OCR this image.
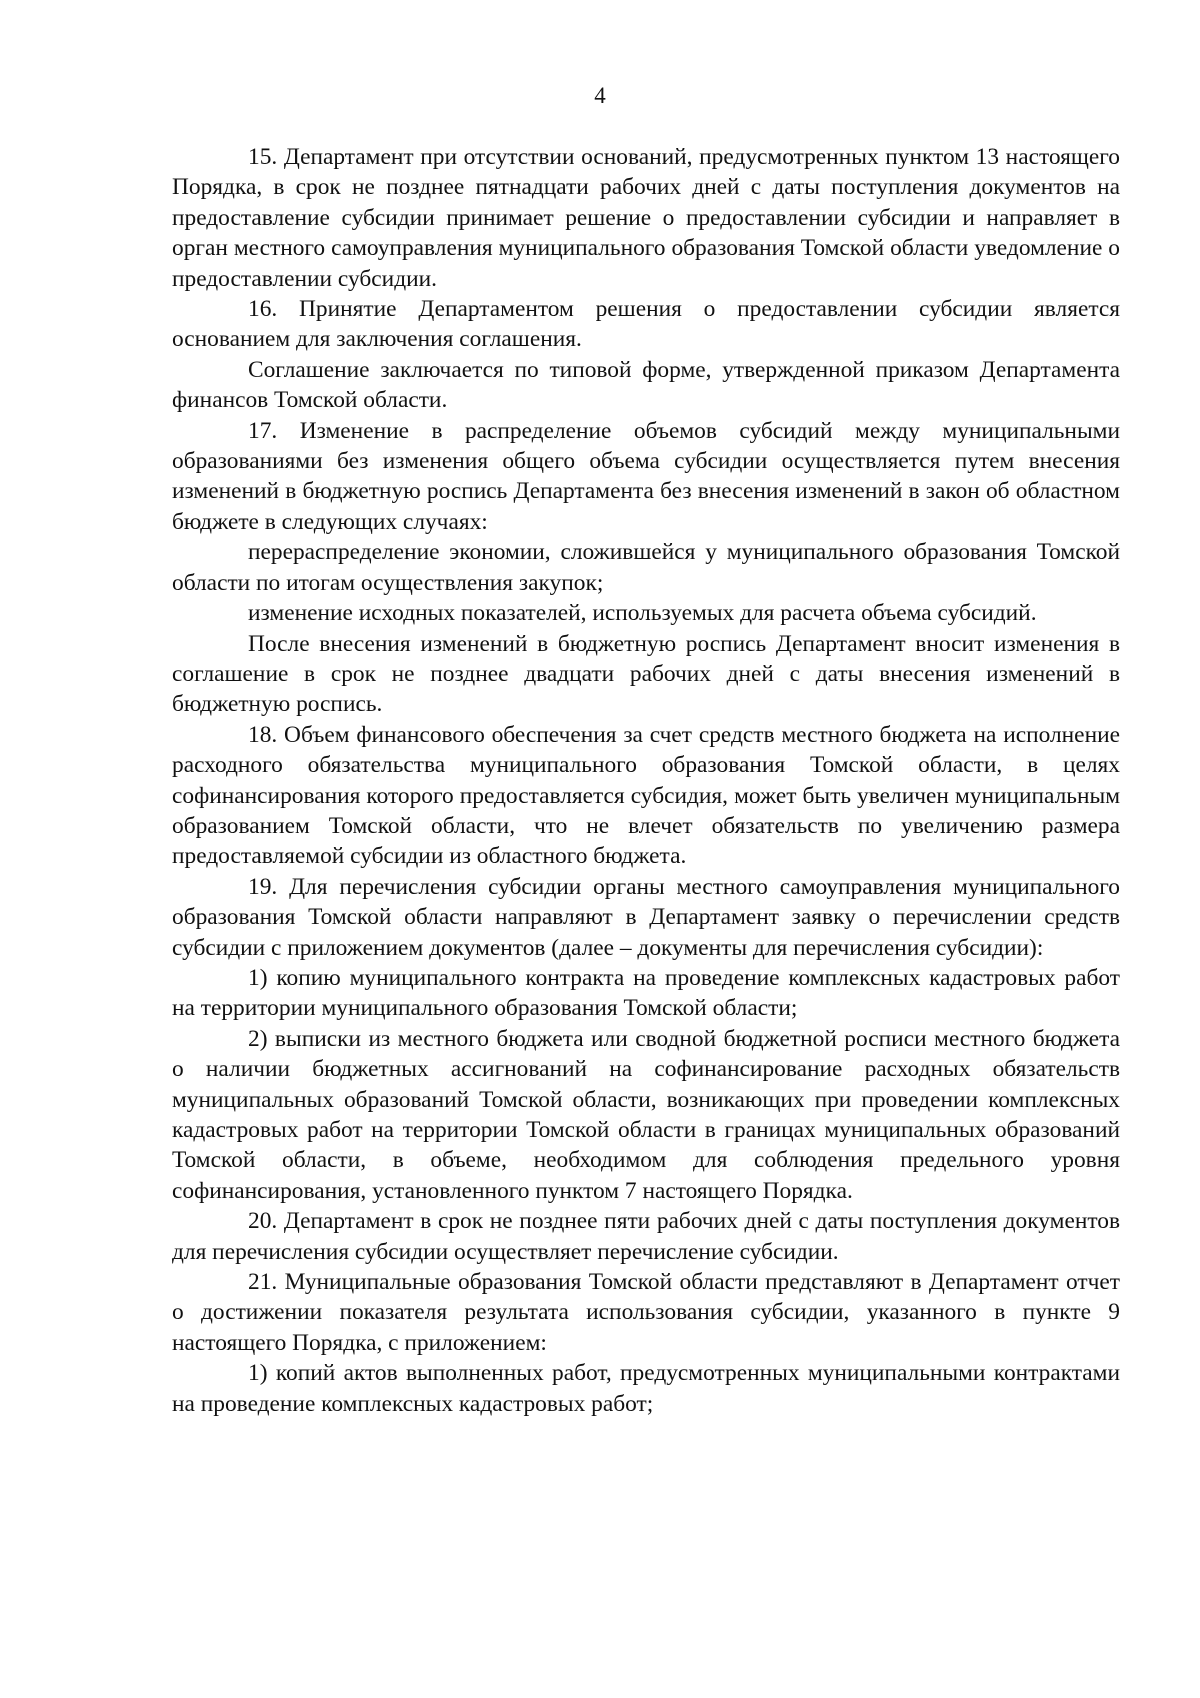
4

15. Департамент при отсутствии оснований, предусмотренных пунктом 13 настоящего Порядка, в срок не позднее пятнадцати рабочих дней с даты поступления документов на предоставление субсидии принимает решение о предоставлении субсидии и направляет в орган местного самоуправления муниципального образования Томской области уведомление о предоставлении субсидии.

16. Принятие Департаментом решения о предоставлении субсидии является основанием для заключения соглашения.

Соглашение заключается по типовой форме, утвержденной приказом Департамента финансов Томской области.

17. Изменение в распределение объемов субсидий между муниципальными образованиями без изменения общего объема субсидии осуществляется путем внесения изменений в бюджетную роспись Департамента без внесения изменений в закон об областном бюджете в следующих случаях:

перераспределение экономии, сложившейся у муниципального образования Томской области по итогам осуществления закупок;

изменение исходных показателей, используемых для расчета объема субсидий.

После внесения изменений в бюджетную роспись Департамент вносит изменения в соглашение в срок не позднее двадцати рабочих дней с даты внесения изменений в бюджетную роспись.

18. Объем финансового обеспечения за счет средств местного бюджета на исполнение расходного обязательства муниципального образования Томской области, в целях софинансирования которого предоставляется субсидия, может быть увеличен муниципальным образованием Томской области, что не влечет обязательств по увеличению размера предоставляемой субсидии из областного бюджета.

19. Для перечисления субсидии органы местного самоуправления муниципального образования Томской области направляют в Департамент заявку о перечислении средств субсидии с приложением документов (далее – документы для перечисления субсидии):

1) копию муниципального контракта на проведение комплексных кадастровых работ на территории муниципального образования Томской области;

2) выписки из местного бюджета или сводной бюджетной росписи местного бюджета о наличии бюджетных ассигнований на софинансирование расходных обязательств муниципальных образований Томской области, возникающих при проведении комплексных кадастровых работ на территории Томской области в границах муниципальных образований Томской области, в объеме, необходимом для соблюдения предельного уровня софинансирования, установленного пунктом 7 настоящего Порядка.

20. Департамент в срок не позднее пяти рабочих дней с даты поступления документов для перечисления субсидии осуществляет перечисление субсидии.

21. Муниципальные образования Томской области представляют в Департамент отчет о достижении показателя результата использования субсидии, указанного в пункте 9 настоящего Порядка, с приложением:

1) копий актов выполненных работ, предусмотренных муниципальными контрактами на проведение комплексных кадастровых работ;
